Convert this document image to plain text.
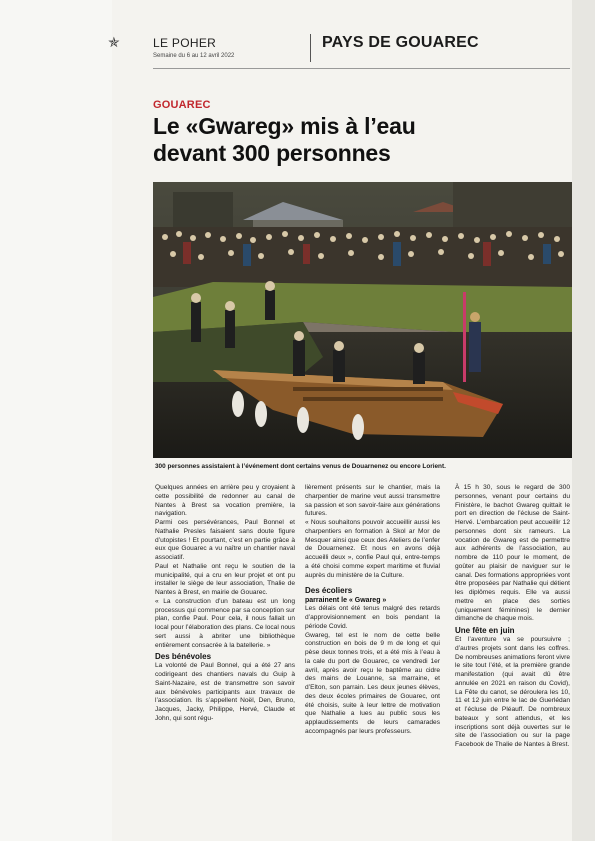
✯	LE POHER
Semaine du 6 au 12 avril 2022
PAYS DE GOUAREC
GOUAREC
Le «Gwareg» mis à l’eau
devant 300 personnes
300 personnes assistaient à l’événement dont certains venus de Douarnenez ou encore Lorient.

Quelques années en arrière peu y croyaient à cette possibilité de redonner au canal de Nantes à Brest sa vocation première, la navigation.

Parmi ces persévérances, Paul Bonnel et Nathalie Presles faisaient sans doute figure d’utopistes ! Et pourtant, c’est en partie grâce à eux que Gouarec a vu naître un chantier naval associatif.

Paul et Nathalie ont reçu le soutien de la municipalité, qui a cru en leur projet et ont pu installer le siège de leur association, Thalie de Nantes à Brest, en mairie de Gouarec.

« La construction d’un bateau est un long processus qui commence par sa conception sur plan, confie Paul. Pour cela, il nous fallait un local pour l’élaboration des plans. Ce local nous sert aussi à abriter une bibliothèque entièrement consacrée à la batellerie. »

Des bénévoles

La volonté de Paul Bonnel, qui a été 27 ans codirigeant des chantiers navals du Guip à Saint-Nazaire, est de transmettre son savoir aux bénévoles participants aux travaux de l’association. Ils s’appellent Noël, Den, Bruno, Jacques, Jacky, Philippe, Hervé, Claude et John, qui sont régu-

lièrement présents sur le chantier, mais la charpentier de marine veut aussi transmettre sa passion et son savoir-faire aux générations futures.

« Nous souhaitons pouvoir accueillir aussi les charpentiers en formation à Skol ar Mor de Mesquer ainsi que ceux des Ateliers de l’enfer de Douarnenez. Et nous en avons déjà accueilli deux », confie Paul qui, entre-temps a été choisi comme expert maritime et fluvial auprès du ministère de la Culture.

Des écoliers

parrainent le « Gwareg »

Les délais ont été tenus malgré des retards d’approvisionnement en bois pendant la période Covid.

Gwareg, tel est le nom de cette belle construction en bois de 9 m de long et qui pèse deux tonnes trois, et a été mis à l’eau à la cale du port de Gouarec, ce vendredi 1er avril, après avoir reçu le baptême au cidre des mains de Louanne, sa marraine, et d’Elton, son parrain. Les deux jeunes élèves, des deux écoles primaires de Gouarec, ont été choisis, suite à leur lettre de motivation que Nathalie a lues au public sous les applaudissements de leurs camarades accompagnés par leurs professeurs.

À 15 h 30, sous le regard de 300 personnes, venant pour certains du Finistère, le bachot Gwareg quittait le port en direction de l’écluse de Saint-Hervé. L’embarcation peut accueillir 12 personnes dont six rameurs. La vocation de Gwareg est de permettre aux adhérents de l’association, au nombre de 110 pour le moment, de goûter au plaisir de naviguer sur le canal. Des formations appropriées vont être proposées par Nathalie qui détient les diplômes requis. Elle va aussi mettre en place des sorties (uniquement féminines) le dernier dimanche de chaque mois.

Une fête en juin

Et l’aventure va se poursuivre ; d’autres projets sont dans les coffres. De nombreuses animations feront vivre le site tout l’été, et la première grande manifestation (qui avait dû être annulée en 2021 en raison du Covid), La Fête du canot, se déroulera les 10, 11 et 12 juin entre le lac de Guerlédan et l’écluse de Pléauff. De nombreux bateaux y sont attendus, et les inscriptions sont déjà ouvertes sur le site de l’association ou sur la page Facebook de Thalie de Nantes à Brest.
